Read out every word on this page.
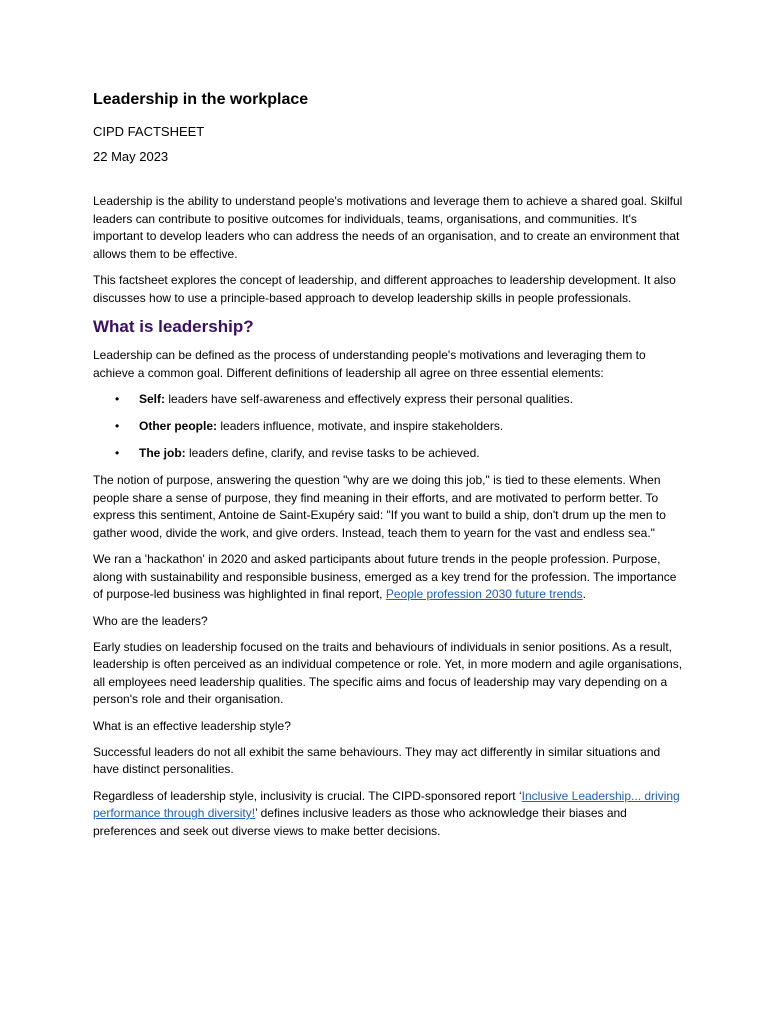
Leadership in the workplace
CIPD FACTSHEET
22 May 2023

Leadership is the ability to understand people's motivations and leverage them to achieve a shared goal. Skilful leaders can contribute to positive outcomes for individuals, teams, organisations, and communities. It's important to develop leaders who can address the needs of an organisation, and to create an environment that allows them to be effective.

This factsheet explores the concept of leadership, and different approaches to leadership development. It also discusses how to use a principle-based approach to develop leadership skills in people professionals.

What is leadership?

Leadership can be defined as the process of understanding people's motivations and leveraging them to achieve a common goal. Different definitions of leadership all agree on three essential elements:

• Self: leaders have self-awareness and effectively express their personal qualities.
• Other people: leaders influence, motivate, and inspire stakeholders.
• The job: leaders define, clarify, and revise tasks to be achieved.

The notion of purpose, answering the question "why are we doing this job," is tied to these elements. When people share a sense of purpose, they find meaning in their efforts, and are motivated to perform better. To express this sentiment, Antoine de Saint-Exupéry said: "If you want to build a ship, don't drum up the men to gather wood, divide the work, and give orders. Instead, teach them to yearn for the vast and endless sea."

We ran a 'hackathon' in 2020 and asked participants about future trends in the people profession. Purpose, along with sustainability and responsible business, emerged as a key trend for the profession. The importance of purpose-led business was highlighted in final report, People profession 2030 future trends.

Who are the leaders?

Early studies on leadership focused on the traits and behaviours of individuals in senior positions. As a result, leadership is often perceived as an individual competence or role. Yet, in more modern and agile organisations, all employees need leadership qualities. The specific aims and focus of leadership may vary depending on a person's role and their organisation.

What is an effective leadership style?

Successful leaders do not all exhibit the same behaviours. They may act differently in similar situations and have distinct personalities.

Regardless of leadership style, inclusivity is crucial. The CIPD-sponsored report ‘Inclusive Leadership... driving performance through diversity!’ defines inclusive leaders as those who acknowledge their biases and preferences and seek out diverse views to make better decisions.
